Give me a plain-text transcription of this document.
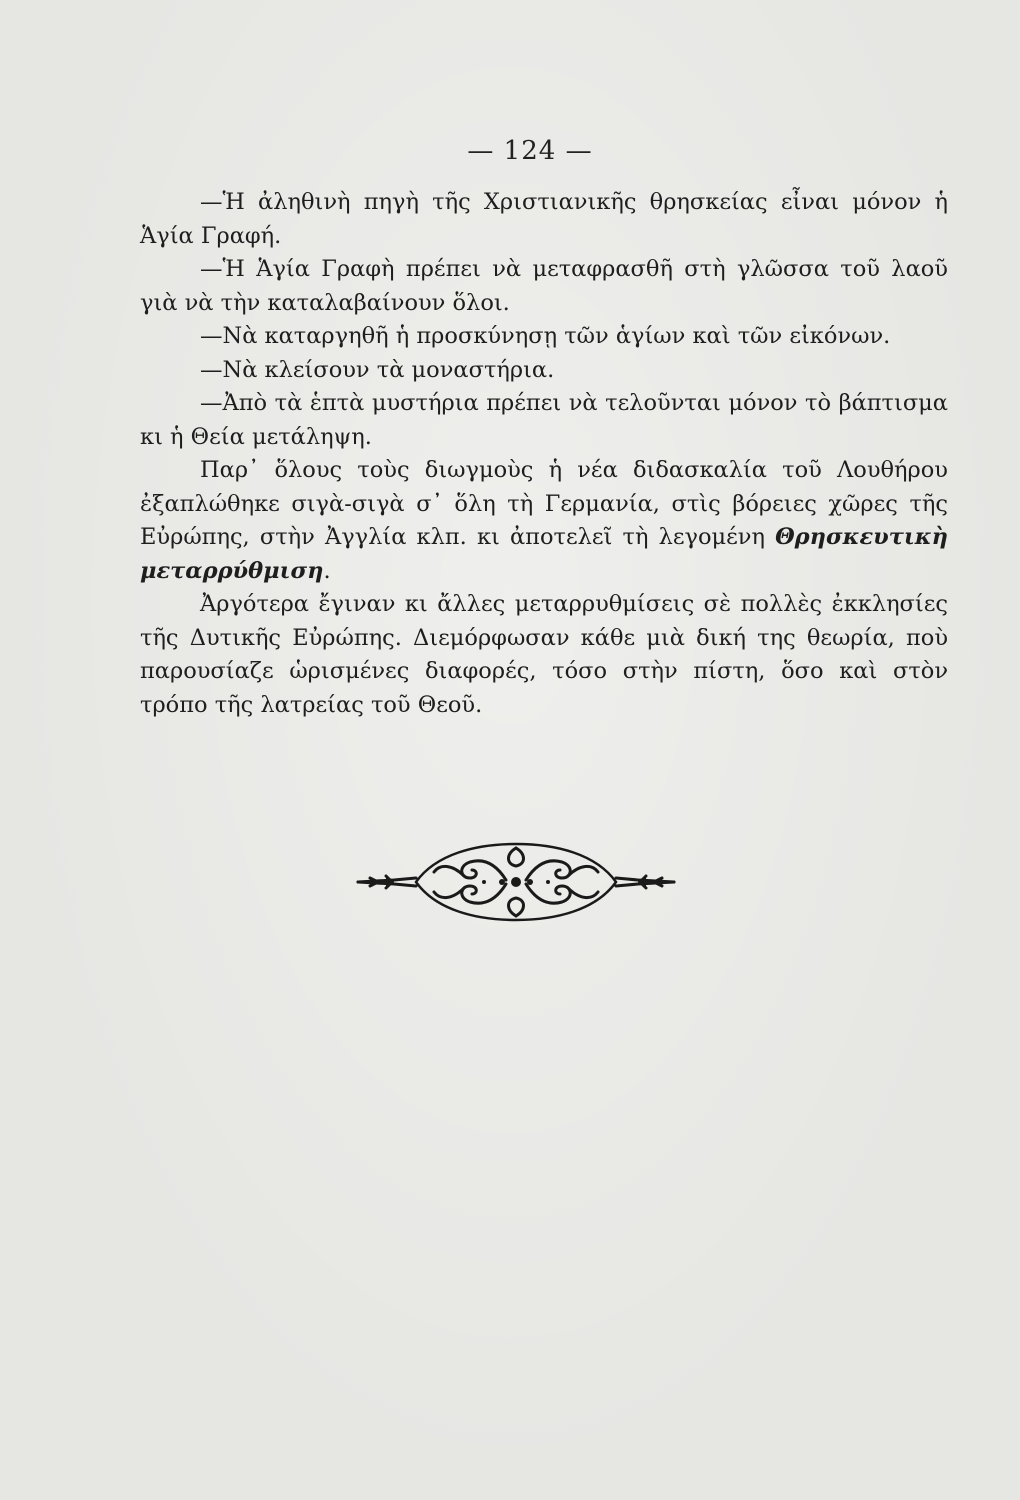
— 124 —

—Ἡ ἀληθινὴ πηγὴ τῆς Χριστιανικῆς θρησκείας εἶναι μόνον ἡ Ἁγία Γραφή.

—Ἡ Ἁγία Γραφὴ πρέπει νὰ μεταφρασθῆ στὴ γλῶσσα τοῦ λαοῦ γιὰ νὰ τὴν καταλαβαίνουν ὅλοι.

—Νὰ καταργηθῆ ἡ προσκύνησῃ τῶν ἁγίων καὶ τῶν εἰκόνων.

—Νὰ κλείσουν τὰ μοναστήρια.

—Ἀπὸ τὰ ἑπτὰ μυστήρια πρέπει νὰ τελοῦνται μόνον τὸ βάπτισμα κι ἡ Θεία μετάληψη.

Παρ᾿ ὅλους τοὺς διωγμοὺς ἡ νέα διδασκαλία τοῦ Λουθήρου ἐξαπλώθηκε σιγὰ-σιγὰ σ᾿ ὅλη τὴ Γερμανία, στὶς βόρειες χῶρες τῆς Εὐρώπης, στὴν Ἀγγλία κλπ. κι ἀποτελεῖ τὴ λεγομένη Θρησκευτικὴ μεταρρύθμιση.

Ἀργότερα ἔγιναν κι ἄλλες μεταρρυθμίσεις σὲ πολλὲς ἐκκλησίες τῆς Δυτικῆς Εὐρώπης. Διεμόρφωσαν κάθε μιὰ δική της θεωρία, ποὺ παρουσίαζε ὡρισμένες διαφορές, τόσο στὴν πίστη, ὅσο καὶ στὸν τρόπο τῆς λατρείας τοῦ Θεοῦ.
